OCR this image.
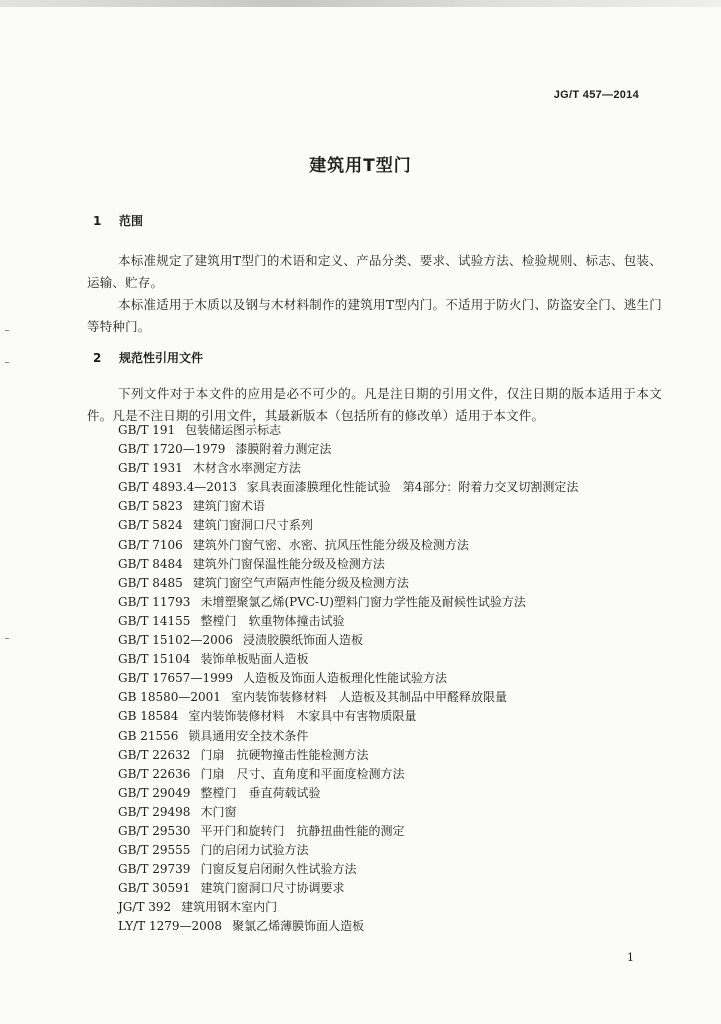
JG/T 457—2014
建筑用T型门
1 范围
本标准规定了建筑用T型门的术语和定义、产品分类、要求、试验方法、检验规则、标志、包装、运输、贮存。
本标准适用于木质以及钢与木材料制作的建筑用T型内门。不适用于防火门、防盗安全门、逃生门等特种门。
2 规范性引用文件
下列文件对于本文件的应用是必不可少的。凡是注日期的引用文件，仅注日期的版本适用于本文件。凡是不注日期的引用文件，其最新版本（包括所有的修改单）适用于本文件。
GB/T 191 包装储运图示标志
GB/T 1720—1979 漆膜附着力测定法
GB/T 1931 木材含水率测定方法
GB/T 4893.4—2013 家具表面漆膜理化性能试验　第4部分：附着力交叉切割测定法
GB/T 5823 建筑门窗术语
GB/T 5824 建筑门窗洞口尺寸系列
GB/T 7106 建筑外门窗气密、水密、抗风压性能分级及检测方法
GB/T 8484 建筑外门窗保温性能分级及检测方法
GB/T 8485 建筑门窗空气声隔声性能分级及检测方法
GB/T 11793 未增塑聚氯乙烯(PVC-U)塑料门窗力学性能及耐候性试验方法
GB/T 14155 整樘门　软重物体撞击试验
GB/T 15102—2006 浸渍胶膜纸饰面人造板
GB/T 15104 装饰单板贴面人造板
GB/T 17657—1999 人造板及饰面人造板理化性能试验方法
GB 18580—2001 室内装饰装修材料　人造板及其制品中甲醛释放限量
GB 18584 室内装饰装修材料　木家具中有害物质限量
GB 21556 锁具通用安全技术条件
GB/T 22632 门扇　抗硬物撞击性能检测方法
GB/T 22636 门扇　尺寸、直角度和平面度检测方法
GB/T 29049 整樘门　垂直荷载试验
GB/T 29498 木门窗
GB/T 29530 平开门和旋转门　抗静扭曲性能的测定
GB/T 29555 门的启闭力试验方法
GB/T 29739 门窗反复启闭耐久性试验方法
GB/T 30591 建筑门窗洞口尺寸协调要求
JG/T 392 建筑用钢木室内门
LY/T 1279—2008 聚氯乙烯薄膜饰面人造板
1
